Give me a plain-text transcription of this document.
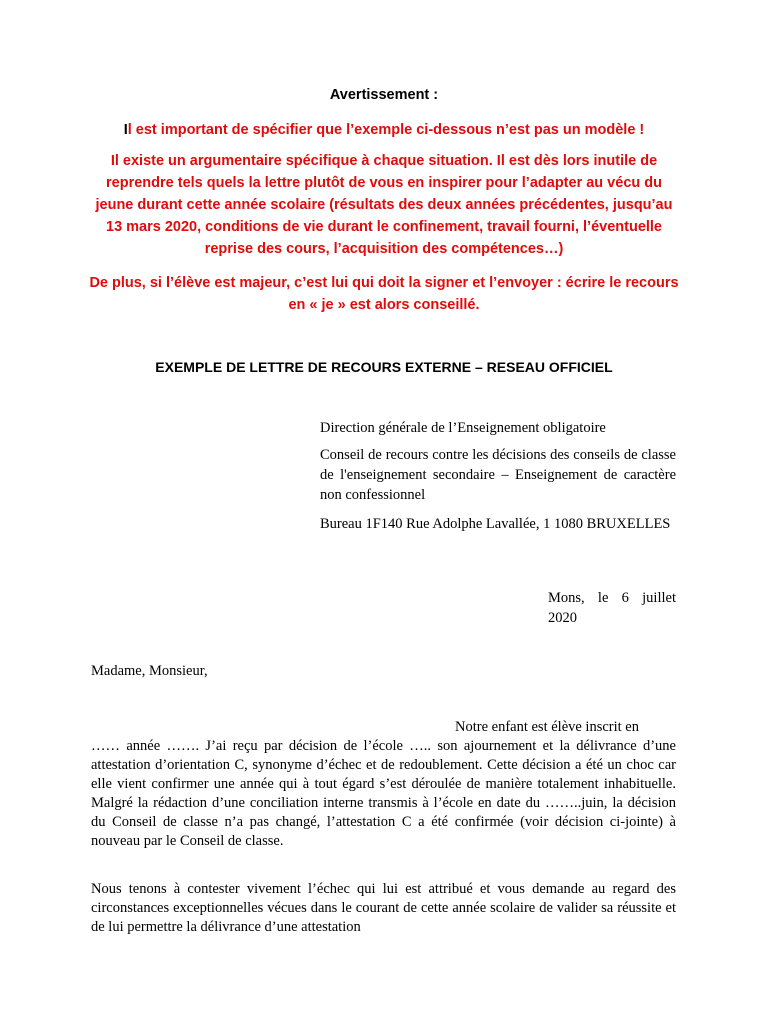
Avertissement :
Il est important de spécifier que l’exemple ci-dessous n’est pas un modèle !
Il existe un argumentaire spécifique à chaque situation. Il est dès lors inutile de reprendre tels quels la lettre plutôt de vous en inspirer pour l’adapter au vécu du jeune durant cette année scolaire (résultats des deux années précédentes, jusqu’au 13 mars 2020, conditions de vie durant le confinement, travail fourni, l’éventuelle reprise des cours, l’acquisition des compétences…)
De plus, si l’élève est majeur, c’est lui qui doit la signer et l’envoyer : écrire le recours en « je » est alors conseillé.
EXEMPLE DE LETTRE DE RECOURS EXTERNE – RESEAU OFFICIEL
Direction générale de l’Enseignement obligatoire
Conseil de recours contre les décisions des conseils de classe de l'enseignement secondaire – Enseignement de caractère non confessionnel
Bureau 1F140 Rue Adolphe Lavallée, 1 1080 BRUXELLES
Mons, le 6 juillet 2020
Madame, Monsieur,
Notre enfant est élève inscrit en
…… année ……. J’ai reçu par décision de l’école ….. son ajournement et la délivrance d’une attestation d’orientation C, synonyme d’échec et de redoublement. Cette décision a été un choc car elle vient confirmer une année qui à tout égard s’est déroulée de manière totalement inhabituelle. Malgré la rédaction d’une conciliation interne transmis à l’école en date du ……..juin, la décision du Conseil de classe n’a pas changé, l’attestation C a été confirmée (voir décision ci-jointe) à nouveau par le Conseil de classe.
Nous tenons à contester vivement l’échec qui lui est attribué et vous demande au regard des circonstances exceptionnelles vécues dans le courant de cette année scolaire de valider sa réussite et de lui permettre la délivrance d’une attestation
